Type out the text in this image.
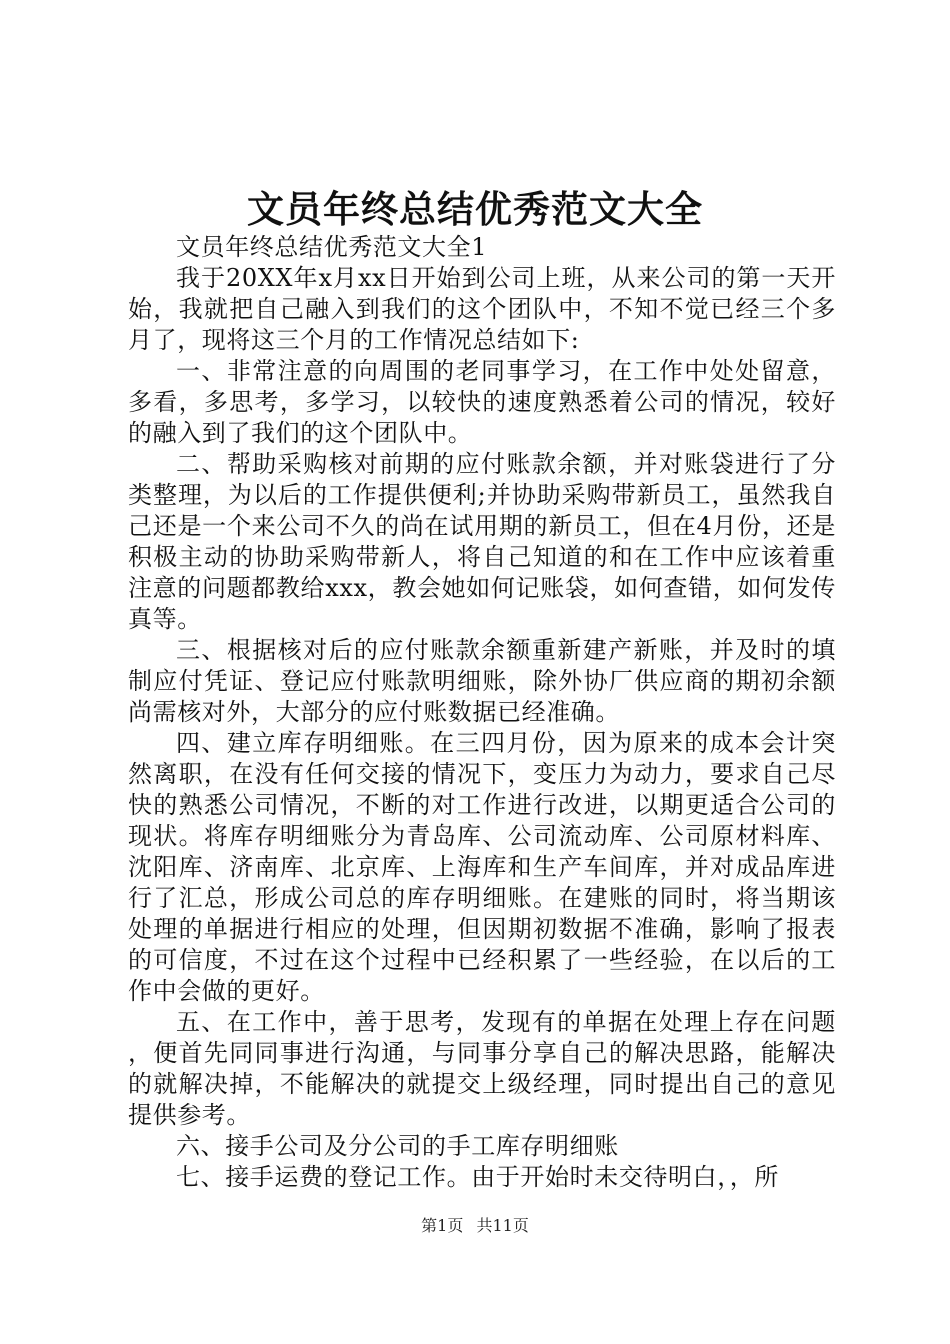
文员年终总结优秀范文大全

文员年终总结优秀范文大全1

我于20XX年x月xx日开始到公司上班，从来公司的第一天开始，我就把自己融入到我们的这个团队中，不知不觉已经三个多月了，现将这三个月的工作情况总结如下:

一、非常注意的向周围的老同事学习，在工作中处处留意，多看，多思考，多学习，以较快的速度熟悉着公司的情况，较好的融入到了我们的这个团队中。

二、帮助采购核对前期的应付账款余额，并对账袋进行了分类整理，为以后的工作提供便利;并协助采购带新员工，虽然我自己还是一个来公司不久的尚在试用期的新员工，但在4月份，还是积极主动的协助采购带新人，将自己知道的和在工作中应该着重注意的问题都教给xxx，教会她如何记账袋，如何查错，如何发传真等。

三、根据核对后的应付账款余额重新建产新账，并及时的填制应付凭证、登记应付账款明细账，除外协厂供应商的期初余额尚需核对外，大部分的应付账数据已经准确。

四、建立库存明细账。在三四月份，因为原来的成本会计突然离职，在没有任何交接的情况下，变压力为动力，要求自己尽快的熟悉公司情况，不断的对工作进行改进，以期更适合公司的现状。将库存明细账分为青岛库、公司流动库、公司原材料库、沈阳库、济南库、北京库、上海库和生产车间库，并对成品库进行了汇总，形成公司总的库存明细账。在建账的同时，将当期该处理的单据进行相应的处理，但因期初数据不准确，影响了报表的可信度，不过在这个过程中已经积累了一些经验，在以后的工作中会做的更好。

五、在工作中，善于思考，发现有的单据在处理上存在问题，便首先同同事进行沟通，与同事分享自己的解决思路，能解决的就解决掉，不能解决的就提交上级经理，同时提出自己的意见提供参考。

六、接手公司及分公司的手工库存明细账

七、接手运费的登记工作。由于开始时未交待明白，，所

第1页 共11页
